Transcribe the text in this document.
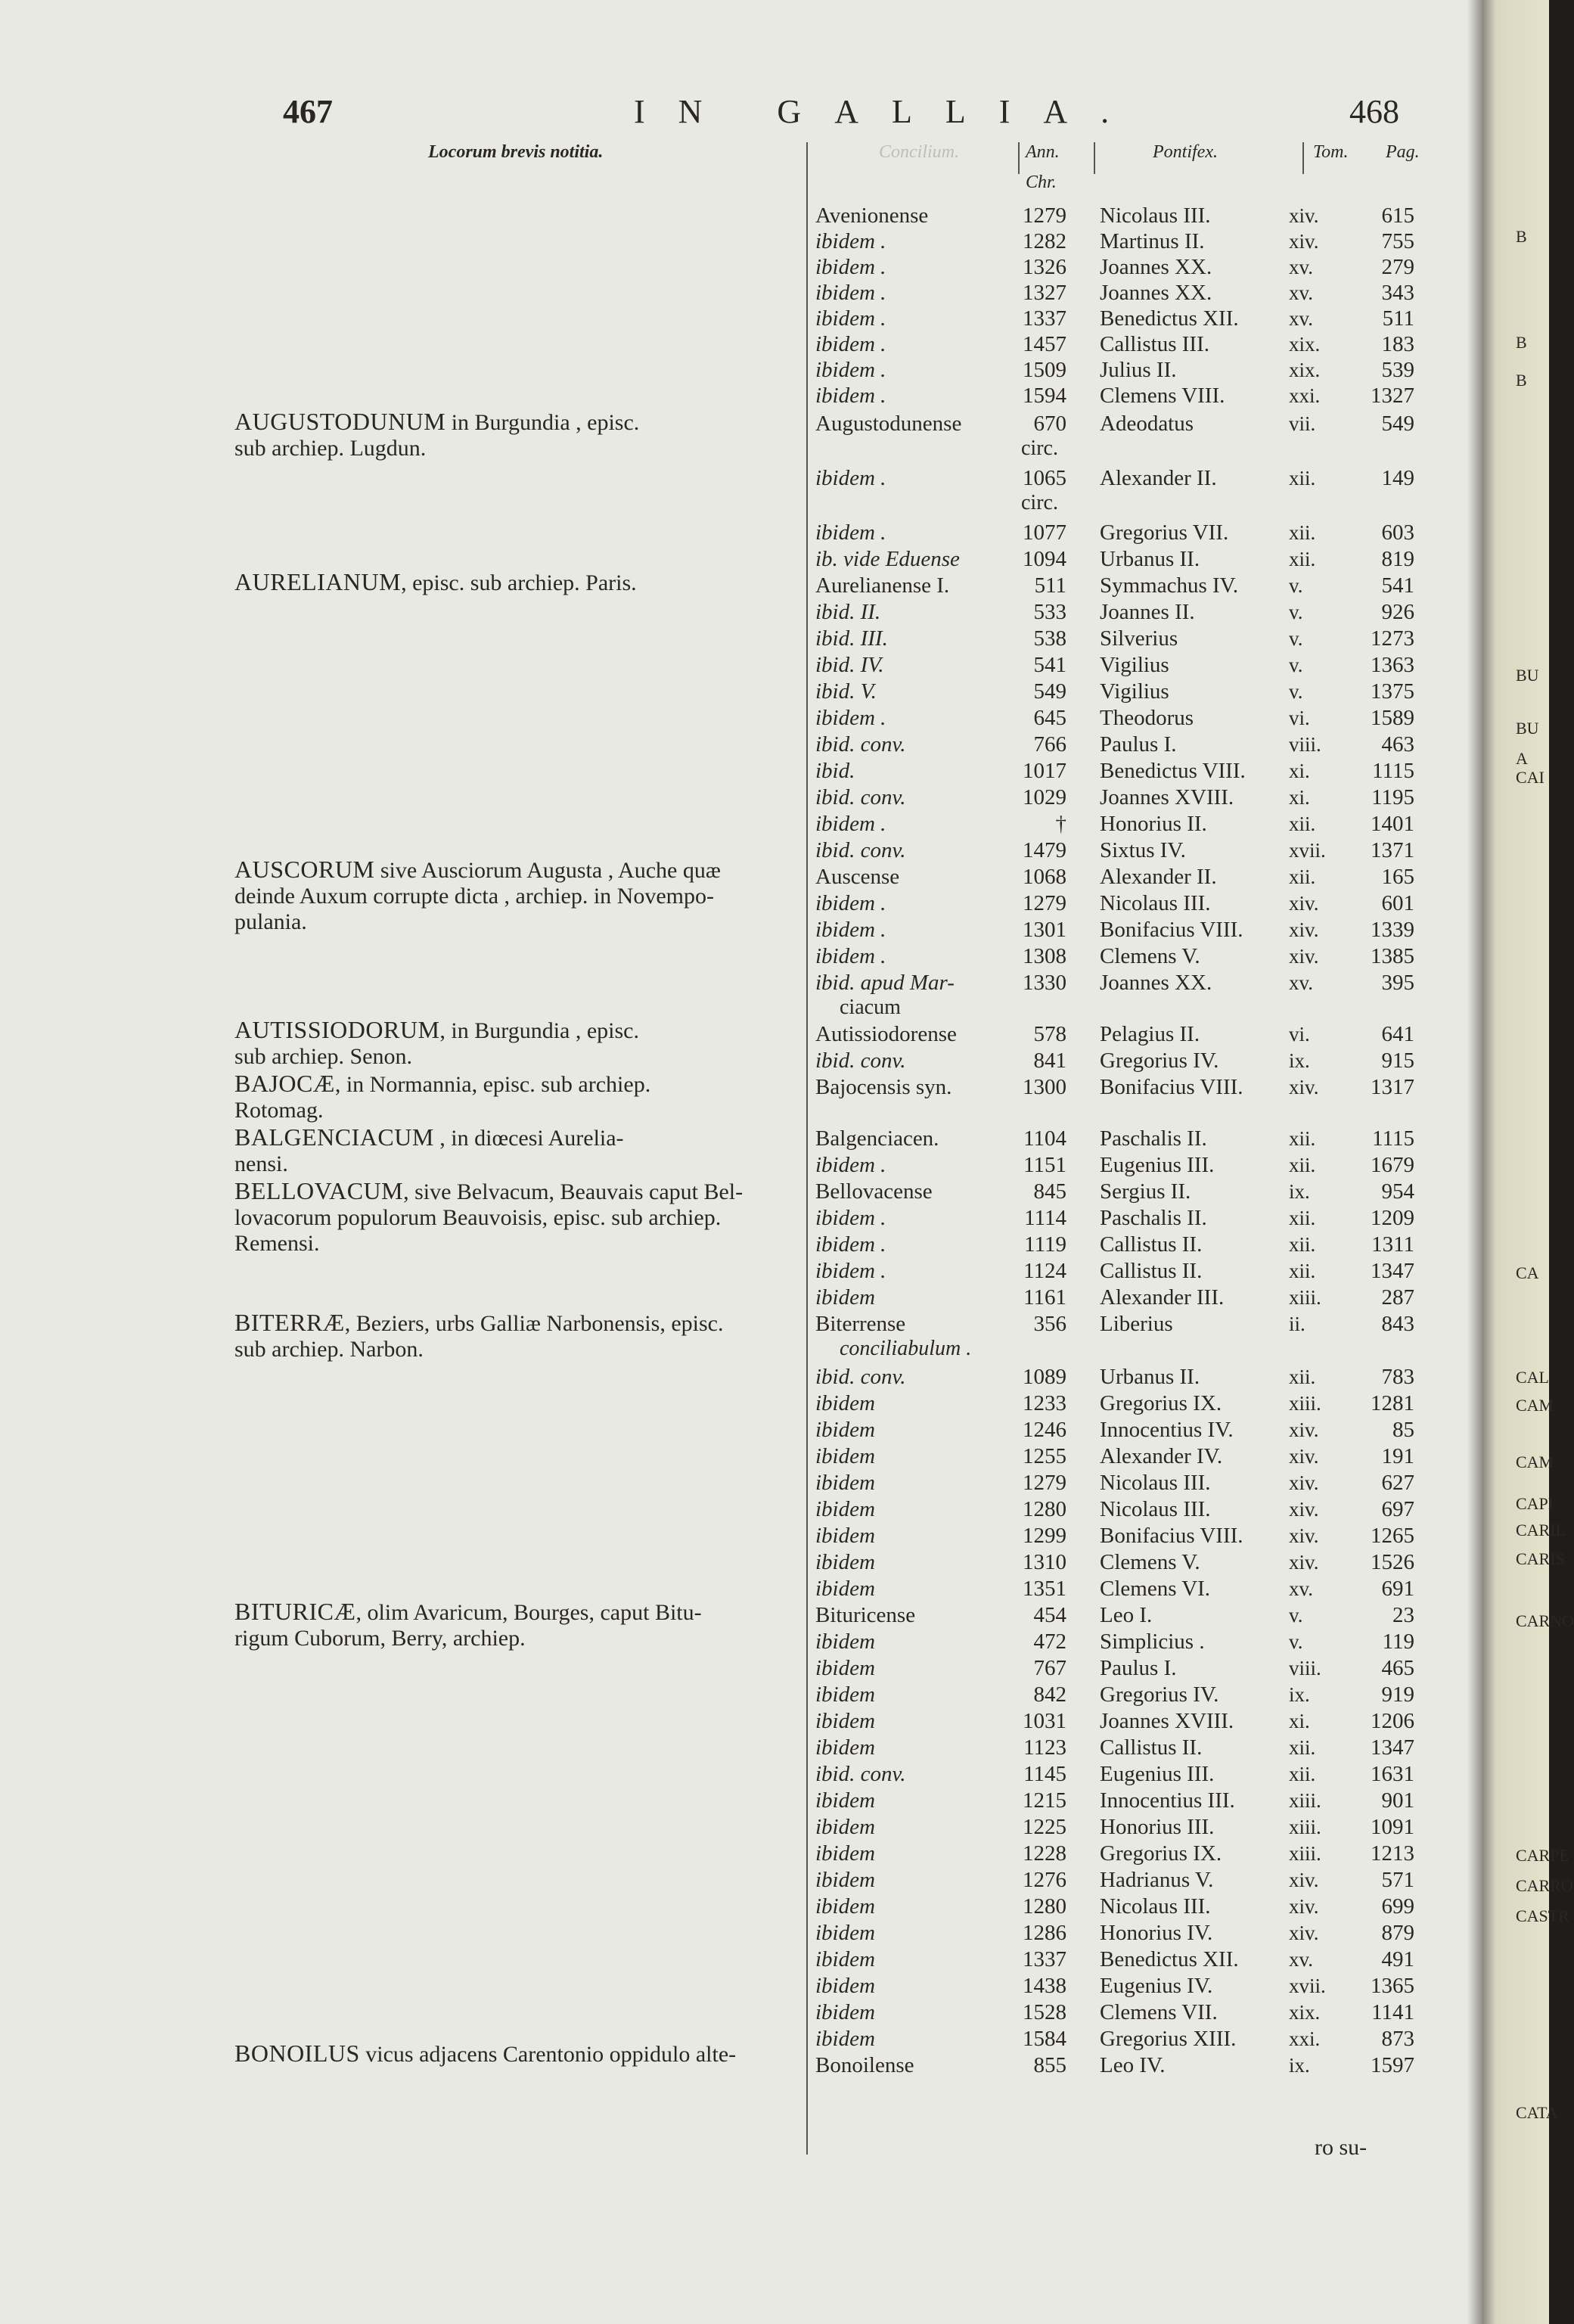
467	IN GALLIA.	468
Locorum brevis notitia.	Concilium.	Ann.
Chr.
Pontifex.	Tom. Pag.
AUGUSTODUNUM in Burgundia , episc.
sub archiep. Lugdun.
AURELIANUM, episc. sub archiep. Paris.
AUSCORUM sive Ausciorum Augusta , Auche quæ
deinde Auxum corrupte dicta , archiep. in Novempo-
pulania.
AUTISSIODORUM, in Burgundia , episc.
sub archiep. Senon.
BAJOCÆ, in Normannia, episc. sub archiep.
Rotomag.
BALGENCIACUM , in diœcesi Aurelia-
nensi.
BELLOVACUM, sive Belvacum, Beauvais caput Bel-
lovacorum populorum Beauvoisis, episc. sub archiep.
Remensi.
BITERRÆ, Beziers, urbs Galliæ Narbonensis, episc.
sub archiep. Narbon.
BITURICÆ, olim Avaricum, Bourges, caput Bitu-
rigum Cuborum, Berry, archiep.
BONOILUS vicus adjacens Carentonio oppidulo alte-
Avenionense	1279 Nicolaus III.	xiv.	615
ibidem .	1282 Martinus II.	xiv.	755
ibidem .	1326 Joannes XX.	xv.	279
ibidem .	1327 Joannes XX.	xv.	343
ibidem .	1337 Benedictus XII. xv.	511
ibidem .	1457 Callistus III.	xix.	183
ibidem .	1509 Julius II.	xix.	539
ibidem .	1594 Clemens VIII.	xxi.	1327
Augustodunense	670 Adeodatus	vii.	549
circ.
ibidem .	1065 Alexander II.	xii.	149
circ.
ibidem .	1077 Gregorius VII.	xii.	603
ib. vide Eduense	1094 Urbanus II.	xii.	819
Aurelianense I.	511 Symmachus IV. v.	541
ibid. II.	533 Joannes II.	v.	926
ibid. III.	538 Silverius	v.	1273
ibid. IV.	541 Vigilius	v.	1363
ibid. V.	549 Vigilius	v.	1375
ibidem .	645 Theodorus	vi.	1589
ibid. conv.	766 Paulus I.	viii.	463
ibid.	1017 Benedictus VIII. xi.	1115
ibid. conv.	1029 Joannes XVIII.	xi.	1195
ibidem .	† Honorius II.	xii.	1401
ibid. conv.	1479 Sixtus IV.	xvii.	1371
Auscense	1068 Alexander II.	xii.	165
ibidem .	1279 Nicolaus III.	xiv.	601
ibidem .	1301 Bonifacius VIII. xiv.	1339
ibidem .	1308 Clemens V.	xiv.	1385
ibid. apud Mar-	1330 Joannes XX.	xv.	395
ciacum
Autissiodorense	578 Pelagius II.	vi.	641
ibid. conv.	841 Gregorius IV.	ix.	915
Bajocensis syn.	1300 Bonifacius VIII. xiv.	1317
Balgenciacen.	1104 Paschalis II.	xii.	1115
ibidem .	1151 Eugenius III.	xii.	1679
Bellovacense	845 Sergius II.	ix.	954
ibidem .	1114 Paschalis II.	xii.	1209
ibidem .	1119 Callistus II.	xii.	1311
ibidem .	1124 Callistus II.	xii.	1347
ibidem	1161 Alexander III.	xiii.	287
Biterrense	356 Liberius	ii.	843
conciliabulum .
ibid. conv.	1089 Urbanus II.	xii.	783
ibidem	1233 Gregorius IX.	xiii.	1281
ibidem	1246 Innocentius IV.	xiv.	85
ibidem	1255 Alexander IV.	xiv.	191
ibidem	1279 Nicolaus III.	xiv.	627
ibidem	1280 Nicolaus III.	xiv.	697
ibidem	1299 Bonifacius VIII. xiv.	1265
ibidem	1310 Clemens V.	xiv.	1526
ibidem	1351 Clemens VI.	xv.	691
Bituricense	454 Leo I.	v.	23
ibidem	472 Simplicius .	v.	119
ibidem	767 Paulus I.	viii.	465
ibidem	842 Gregorius IV.	ix.	919
ibidem	1031 Joannes XVIII.	xi.	1206
ibidem	1123 Callistus II.	xii.	1347
ibid. conv.	1145 Eugenius III.	xii.	1631
ibidem	1215 Innocentius III.	xiii.	901
ibidem	1225 Honorius III.	xiii.	1091
ibidem	1228 Gregorius IX.	xiii.	1213
ibidem	1276 Hadrianus V.	xiv.	571
ibidem	1280 Nicolaus III.	xiv.	699
ibidem	1286 Honorius IV.	xiv.	879
ibidem	1337 Benedictus XII. xv.	491
ibidem	1438 Eugenius IV.	xvii.	1365
ibidem	1528 Clemens VII.	xix.	1141
ibidem	1584 Gregorius XIII.	xxi.	873
Bonoilense	855 Leo IV.	ix.	1597
ro su-
B
B
B
BU
BU
A
CAI
CA
CAL
CAM
CAM
CAPI
CARIL
CARIS
CARNO
CARPE
CARRO
CASTR
CATA
